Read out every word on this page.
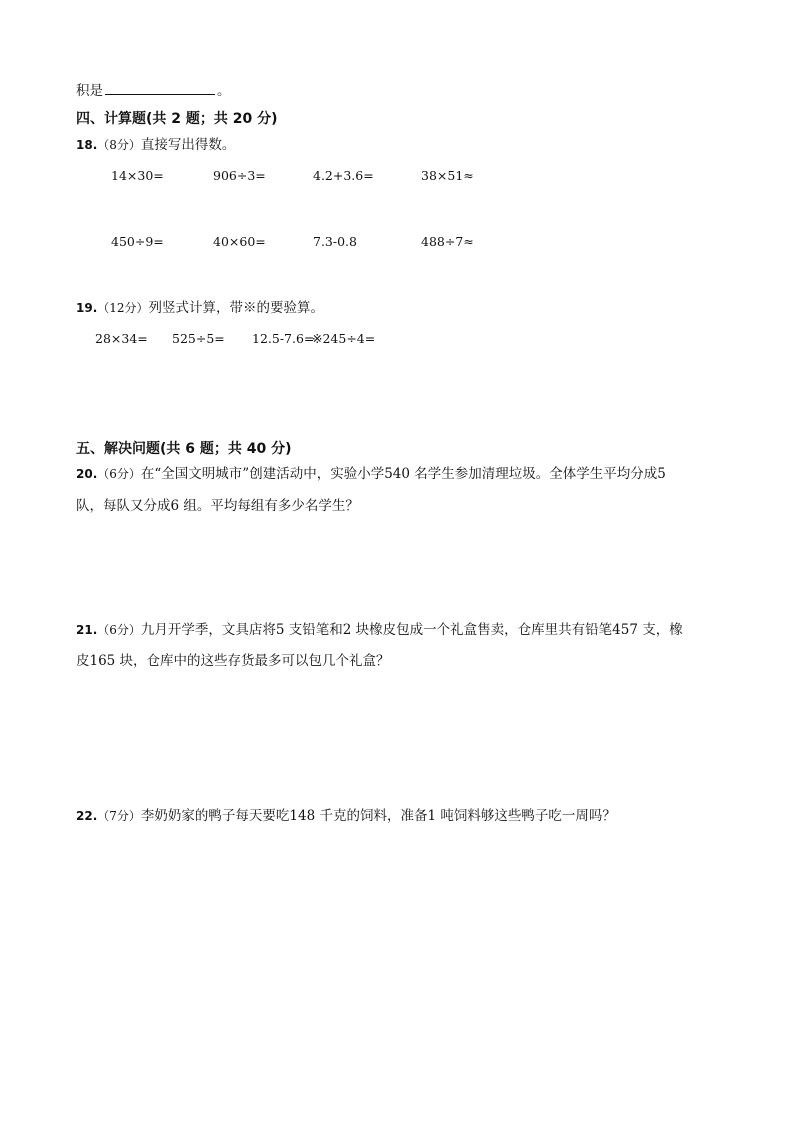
积是	。
四、计算题(共 2 题；共 20 分)
18.（8分）直接写出得数。
14×30=	906÷3=	4.2+3.6=	38×51≈
450÷9=	40×60=	7.3-0.8	488÷7≈
19.（12分）列竖式计算，带※的要验算。
28×34= 525÷5= 12.5-7.6=
※245÷4=
五、解决问题(共 6 题；共 40 分)
20.（6分）在“全国文明城市”创建活动中，实验小学540 名学生参加清理垃圾。全体学生平均分成5
队，每队又分成6 组。平均每组有多少名学生？
21.（6分）九月开学季，文具店将5 支铅笔和2 块橡皮包成一个礼盒售卖，仓库里共有铅笔457 支，橡
皮165 块，仓库中的这些存货最多可以包几个礼盒？
22.（7分）李奶奶家的鸭子每天要吃148 千克的饲料，准备1 吨饲料够这些鸭子吃一周吗？
